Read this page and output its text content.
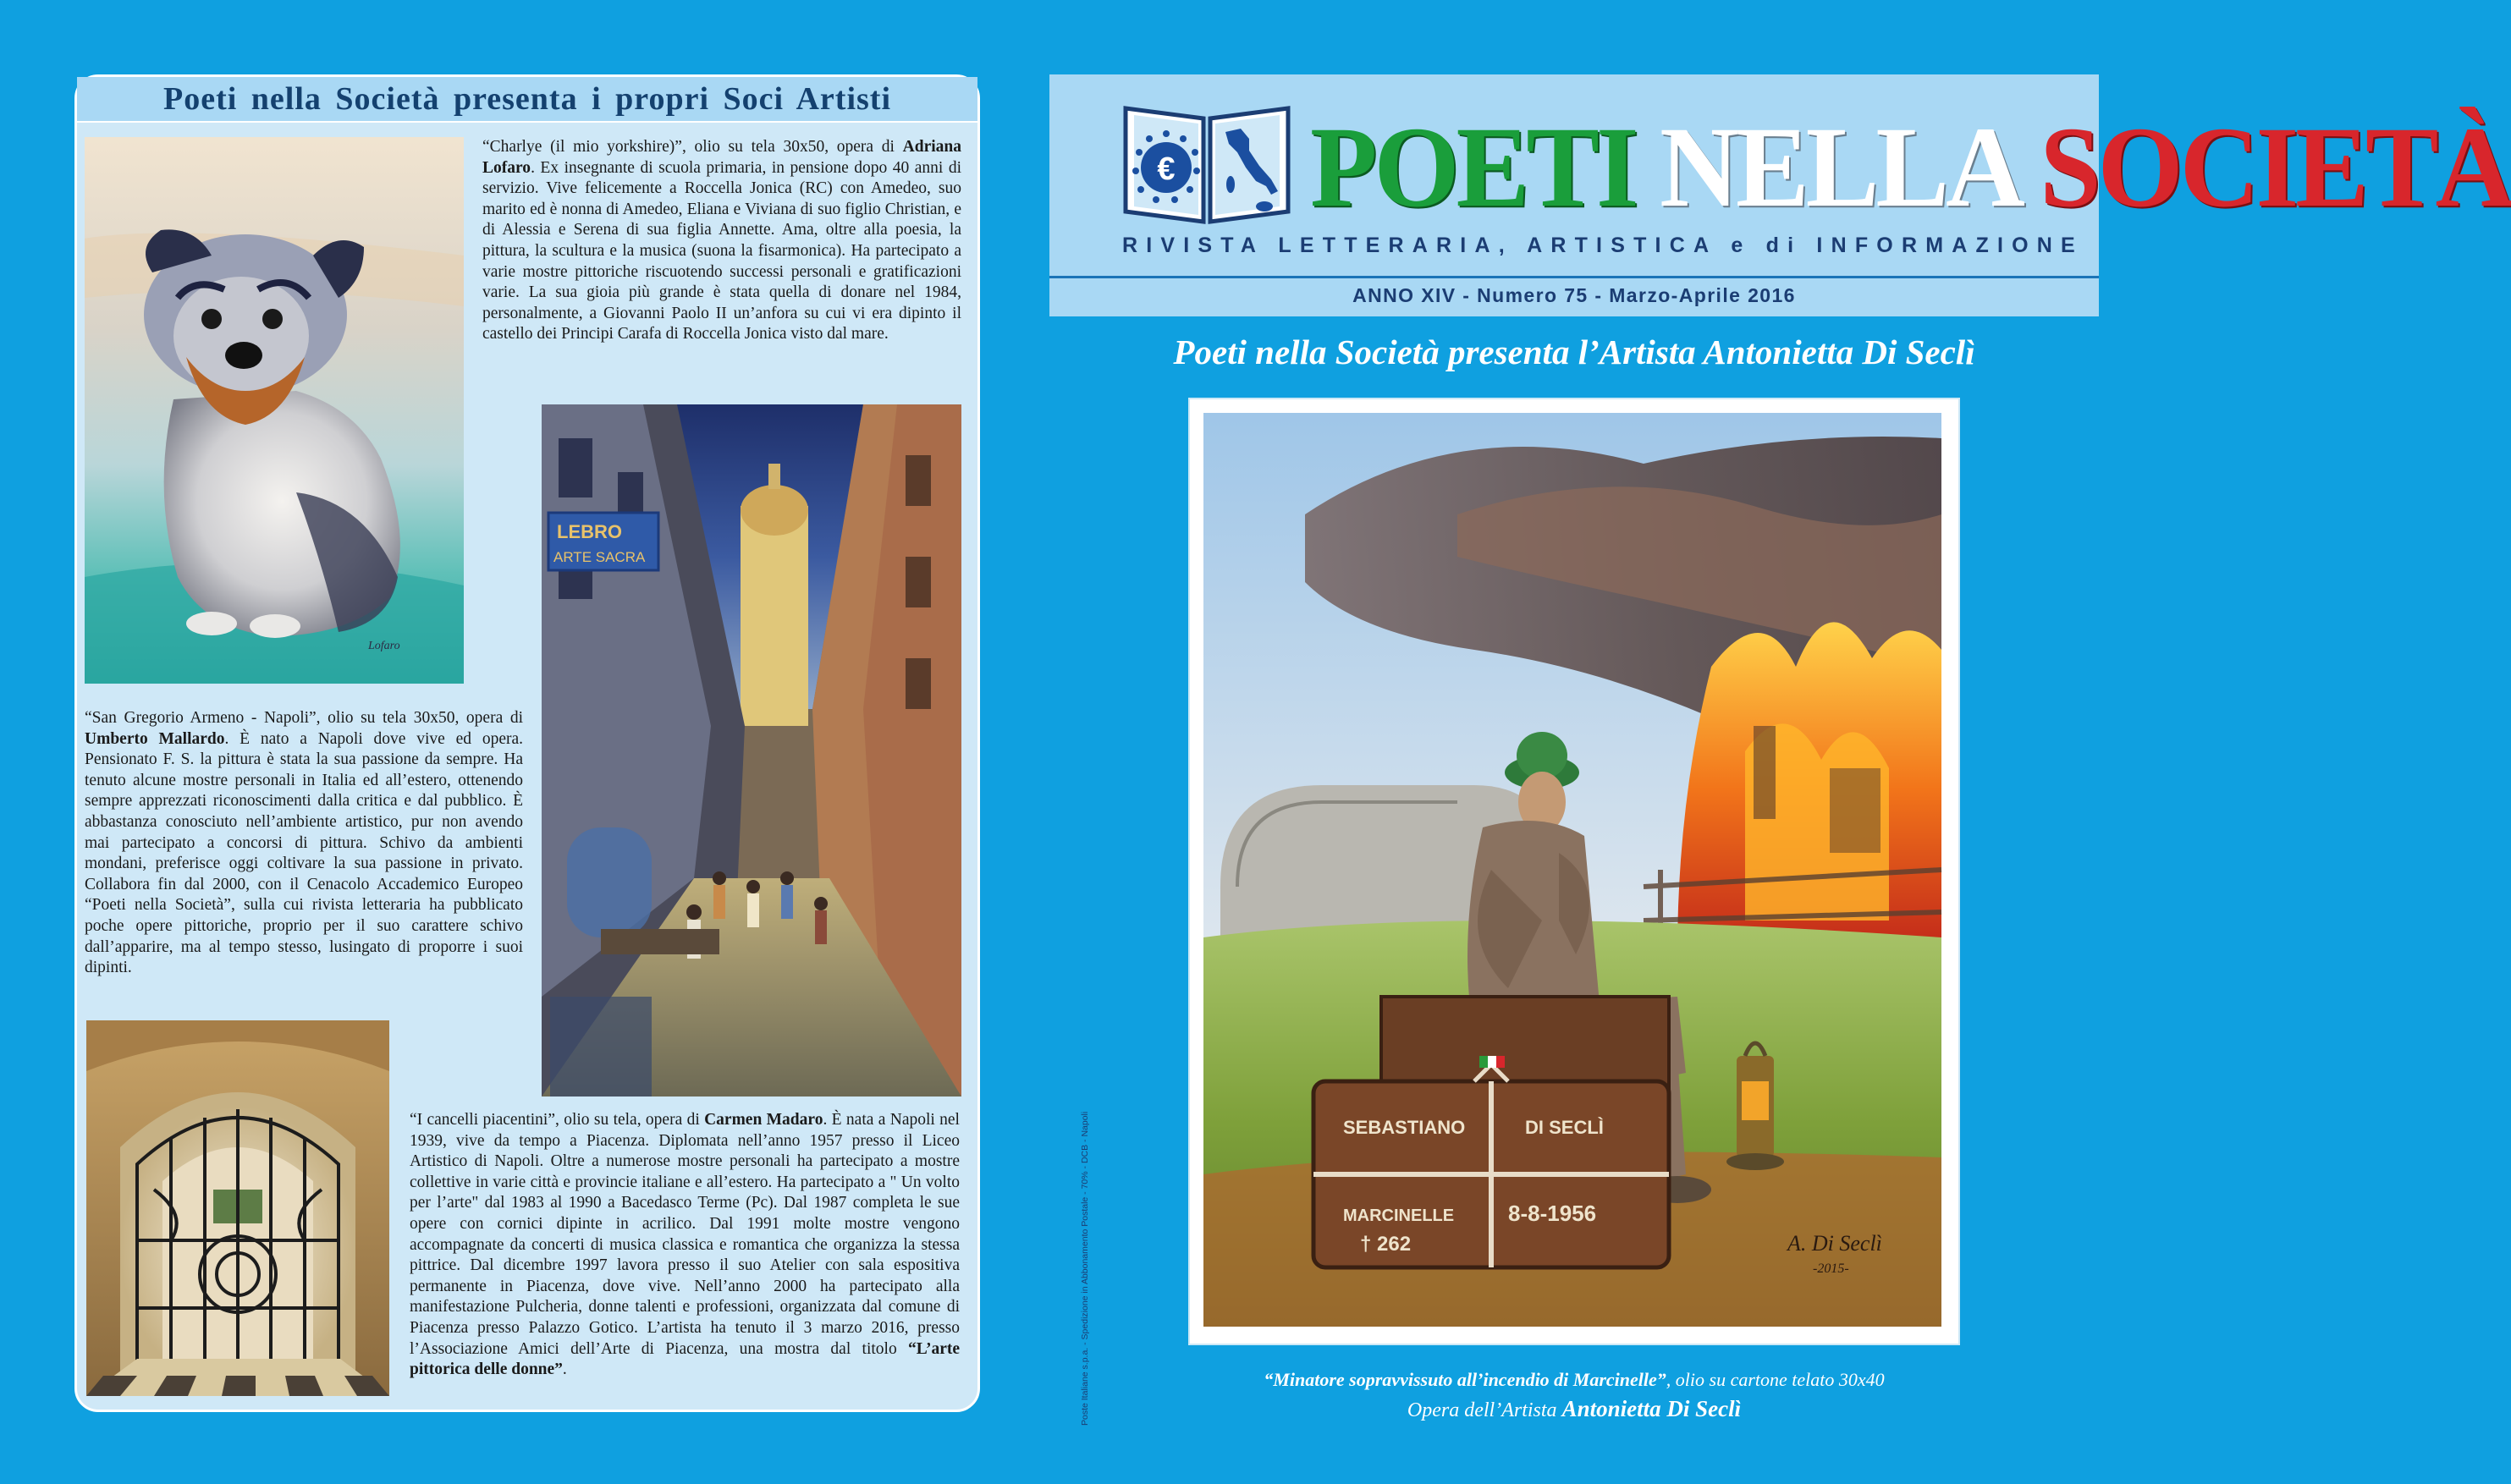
Poeti nella Società presenta i propri Soci Artisti
Lofaro
“Charlye (il mio yorkshire)”, olio su tela 30x50, opera di Adriana Lofaro. Ex insegnante di scuola primaria, in pensione dopo 40 anni di servizio. Vive felicemente a Roccella Jonica (RC) con Amedeo, suo marito ed è nonna di Amedeo, Eliana e Viviana di suo figlio Christian, e di Alessia e Serena di sua figlia Annette. Ama, oltre alla poesia, la pittura, la scultura e la musica (suona la fisarmonica). Ha partecipato a varie mostre pittoriche riscuotendo successi personali e gratificazioni varie. La sua gioia più grande è stata quella di donare nel 1984, personalmente, a Giovanni Paolo II un’anfora su cui vi era dipinto il castello dei Principi Carafa di Roccella Jonica visto dal mare.
LEBRO
ARTE SACRA
“San Gregorio Armeno - Napoli”, olio su tela 30x50, opera di Umberto Mallardo. È nato a Napoli dove vive ed opera. Pensionato F. S. la pittura è stata la sua passione da sempre. Ha tenuto alcune mostre personali in Italia ed all’estero, ottenendo sempre apprezzati riconoscimenti dalla critica e dal pubblico. È abbastanza conosciuto nell’ambiente artistico, pur non avendo mai partecipato a concorsi di pittura. Schivo da ambienti mondani, preferisce oggi coltivare la sua passione in privato. Collabora fin dal 2000, con il Cenacolo Accademico Europeo “Poeti nella Società”, sulla cui rivista letteraria ha pubblicato poche opere pittoriche, proprio per il suo carattere schivo dall’apparire, ma al tempo stesso, lusingato di proporre i suoi dipinti.
“I cancelli piacentini”, olio su tela, opera di Carmen Madaro. È nata a Napoli nel 1939, vive da tempo a Piacenza. Diplomata nell’anno 1957 presso il Liceo Artistico di Napoli. Oltre a numerose mostre personali ha partecipato a mostre collettive in varie città e provincie italiane e all’estero. Ha partecipato a " Un volto per l’arte" dal 1983 al 1990 a Bacedasco Terme (Pc). Dal 1987 completa le sue opere con cornici dipinte in acrilico. Dal 1991 molte mostre vengono accompagnate da concerti di musica classica e romantica che organizza la stessa pittrice. Dal dicembre 1997 lavora presso il suo Atelier con sala espositiva permanente in Piacenza, dove vive. Nell’anno 2000 ha partecipato alla manifestazione Pulcheria, donne talenti e professioni, organizzata dal comune di Piacenza presso Palazzo Gotico. L’artista ha tenuto il 3 marzo 2016, presso l’Associazione Amici dell’Arte di Piacenza, una mostra dal titolo “L’arte pittorica delle donne”.	Poste Italiane s.p.a. - Spedizione in Abbonamento Postale - 70% - DCB - Napoli
€ POETI NELLA SOCIETÀ
RIVISTA LETTERARIA, ARTISTICA e di INFORMAZIONE
ANNO XIV - Numero 75 - Marzo-Aprile 2016
Poeti nella Società presenta l’Artista Antonietta Di Seclì
SEBASTIANO	DI SECLÌ
MARCINELLE 8-8-1956
† 262	A. Di Seclì
-2015-
“Minatore sopravvissuto all’incendio di Marcinelle”, olio su cartone telato 30x40
Opera dell’Artista Antonietta Di Seclì
